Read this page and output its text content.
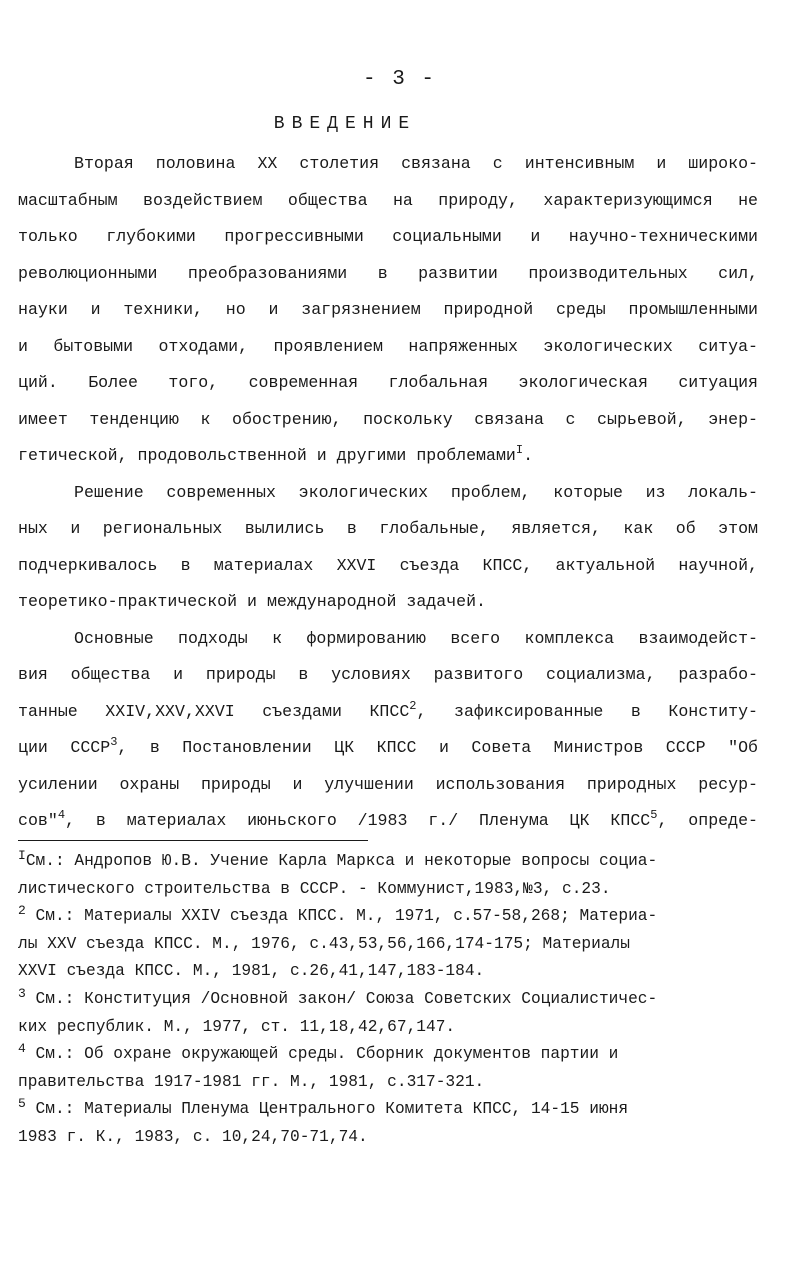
- 3 -
ВВЕДЕНИЕ
Вторая половина XX столетия связана с интенсивным и широко-
масштабным воздействием общества на природу, характеризующимся не
только глубокими прогрессивными социальными и научно-техническими
революционными преобразованиями в развитии производительных сил,
науки и техники, но и загрязнением природной среды промышленными
и бытовыми отходами, проявлением напряженных экологических ситуа-
ций. Более того, современная глобальная экологическая ситуация
имеет тенденцию к обострению, поскольку связана с сырьевой, энер-
гетической, продовольственной и другими проблемами$^I$.
Решение современных экологических проблем, которые из локаль-
ных и региональных вылились в глобальные, является, как об этом
подчеркивалось в материалах XXVI съезда КПСС, актуальной научной,
теоретико-практической и международной задачей.
Основные подходы к формированию всего комплекса взаимодейст-
вия общества и природы в условиях развитого социализма, разрабо-
танные XXIV,XXV,XXVI съездами КПСС$^2$, зафиксированные в Конститу-
ции СССР$^3$, в Постановлении ЦК КПСС и Совета Министров СССР "Об
усилении охраны природы и улучшении использования природных ресур-
сов"$^4$, в материалах июньского /1983 г./ Пленума ЦК КПСС$^5$, опреде-
$^I$См.: Андропов Ю.В. Учение Карла Маркса и некоторые вопросы социа-
листического строительства в СССР. - Коммунист,1983,№3, с.23.
$^2$ См.: Материалы XXIV съезда КПСС. М., 1971, с.57-58,268; Материа-
лы XXV съезда КПСС. М., 1976, с.43,53,56,166,174-175; Материалы
XXVI съезда КПСС. М., 1981, с.26,41,147,183-184.
$^3$ См.: Конституция /Основной закон/ Союза Советских Социалистичес-
ких республик. М., 1977, ст. 11,18,42,67,147.
$^4$ См.: Об охране окружающей среды. Сборник документов партии и
правительства 1917-1981 гг. М., 1981, с.317-321.
$^5$ См.: Материалы Пленума Центрального Комитета КПСС, 14-15 июня
1983 г. К., 1983, с. 10,24,70-71,74.
